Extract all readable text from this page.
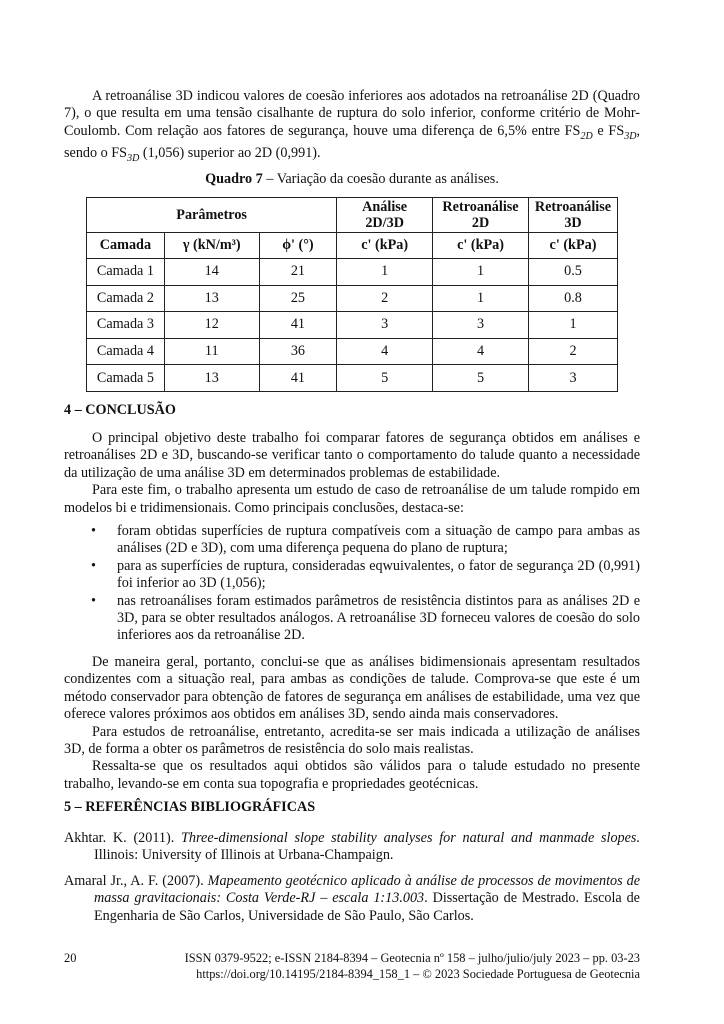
A retroanálise 3D indicou valores de coesão inferiores aos adotados na retroanálise 2D (Quadro 7), o que resulta em uma tensão cisalhante de ruptura do solo inferior, conforme critério de Mohr-Coulomb. Com relação aos fatores de segurança, houve uma diferença de 6,5% entre $FS_{2D}$ e $FS_{3D}$, sendo o $FS_{3D}$ (1,056) superior ao 2D (0,991).

Quadro 7 – Variação da coesão durante as análises.
Parâmetros			Análise 2D/3D	Retroanálise 2D	Retroanálise 3D

Camada	γ (kN/m³)	ϕ' (°)	c' (kPa)	c' (kPa)	c' (kPa)
Camada 1	14	21	1	1	0.5
Camada 2	13	25	2	1	0.8
Camada 3	12	41	3	3	1
Camada 4	11	36	4	4	2
Camada 5	13	41	5	5	3
4 – CONCLUSÃO

O principal objetivo deste trabalho foi comparar fatores de segurança obtidos em análises e retroanálises 2D e 3D, buscando-se verificar tanto o comportamento do talude quanto a necessidade da utilização de uma análise 3D em determinados problemas de estabilidade.

Para este fim, o trabalho apresenta um estudo de caso de retroanálise de um talude rompido em modelos bi e tridimensionais. Como principais conclusões, destaca-se:

• foram obtidas superfícies de ruptura compatíveis com a situação de campo para ambas as análises (2D e 3D), com uma diferença pequena do plano de ruptura;
• para as superfícies de ruptura, consideradas eqwuivalentes, o fator de segurança 2D (0,991) foi inferior ao 3D (1,056);
• nas retroanálises foram estimados parâmetros de resistência distintos para as análises 2D e 3D, para se obter resultados análogos. A retroanálise 3D forneceu valores de coesão do solo inferiores aos da retroanálise 2D.

De maneira geral, portanto, conclui-se que as análises bidimensionais apresentam resultados condizentes com a situação real, para ambas as condições de talude. Comprova-se que este é um método conservador para obtenção de fatores de segurança em análises de estabilidade, uma vez que oferece valores próximos aos obtidos em análises 3D, sendo ainda mais conservadores.

Para estudos de retroanálise, entretanto, acredita-se ser mais indicada a utilização de análises 3D, de forma a obter os parâmetros de resistência do solo mais realistas.

Ressalta-se que os resultados aqui obtidos são válidos para o talude estudado no presente trabalho, levando-se em conta sua topografia e propriedades geotécnicas.

5 – REFERÊNCIAS BIBLIOGRÁFICAS
Akhtar. K. (2011). Three-dimensional slope stability analyses for natural and manmade slopes. Illinois: University of Illinois at Urbana-Champaign.
Amaral Jr., A. F. (2007). Mapeamento geotécnico aplicado à análise de processos de movimentos de massa gravitacionais: Costa Verde-RJ – escala 1:13.003. Dissertação de Mestrado. Escola de Engenharia de São Carlos, Universidade de São Paulo, São Carlos.
20	ISSN 0379-9522; e-ISSN 2184-8394 – Geotecnia nº 158 – julho/julio/july 2023 – pp. 03-23
https://doi.org/10.14195/2184-8394_158_1 – © 2023 Sociedade Portuguesa de Geotecnia
